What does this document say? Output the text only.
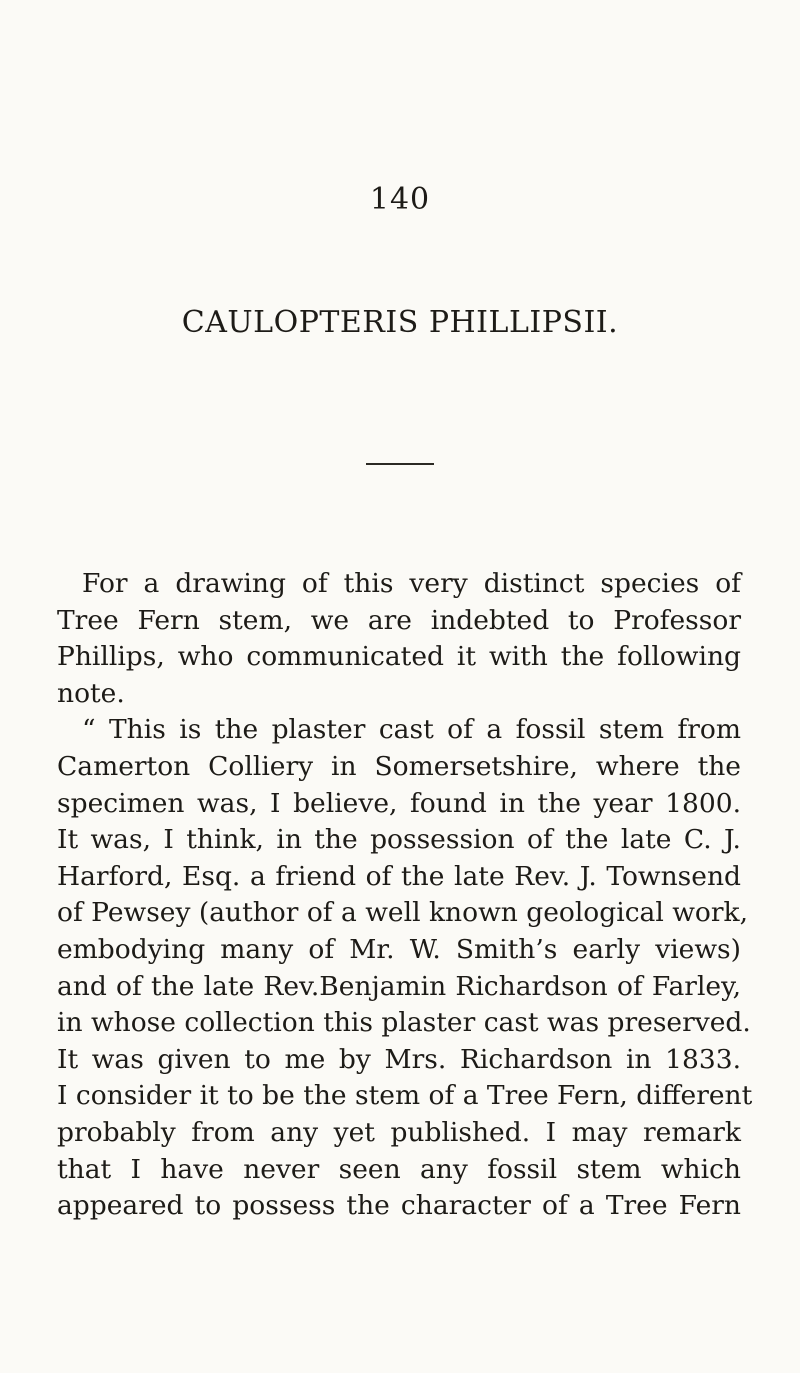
140
CAULOPTERIS PHILLIPSII.
For a drawing of this very distinct species of
Tree Fern stem, we are indebted to Professor
Phillips, who communicated it with the following
note.
“ This is the plaster cast of a fossil stem from
Camerton Colliery in Somersetshire, where the
specimen was, I believe, found in the year 1800.
It was, I think, in the possession of the late C. J.
Harford, Esq. a friend of the late Rev. J. Townsend
of Pewsey (author of a well known geological work,
embodying many of Mr. W. Smith’s early views)
and of the late Rev.Benjamin Richardson of Farley,
in whose collection this plaster cast was preserved.
It was given to me by Mrs. Richardson in 1833.
I consider it to be the stem of a Tree Fern, different
probably from any yet published. I may remark
that I have never seen any fossil stem which
appeared to possess the character of a Tree Fern
